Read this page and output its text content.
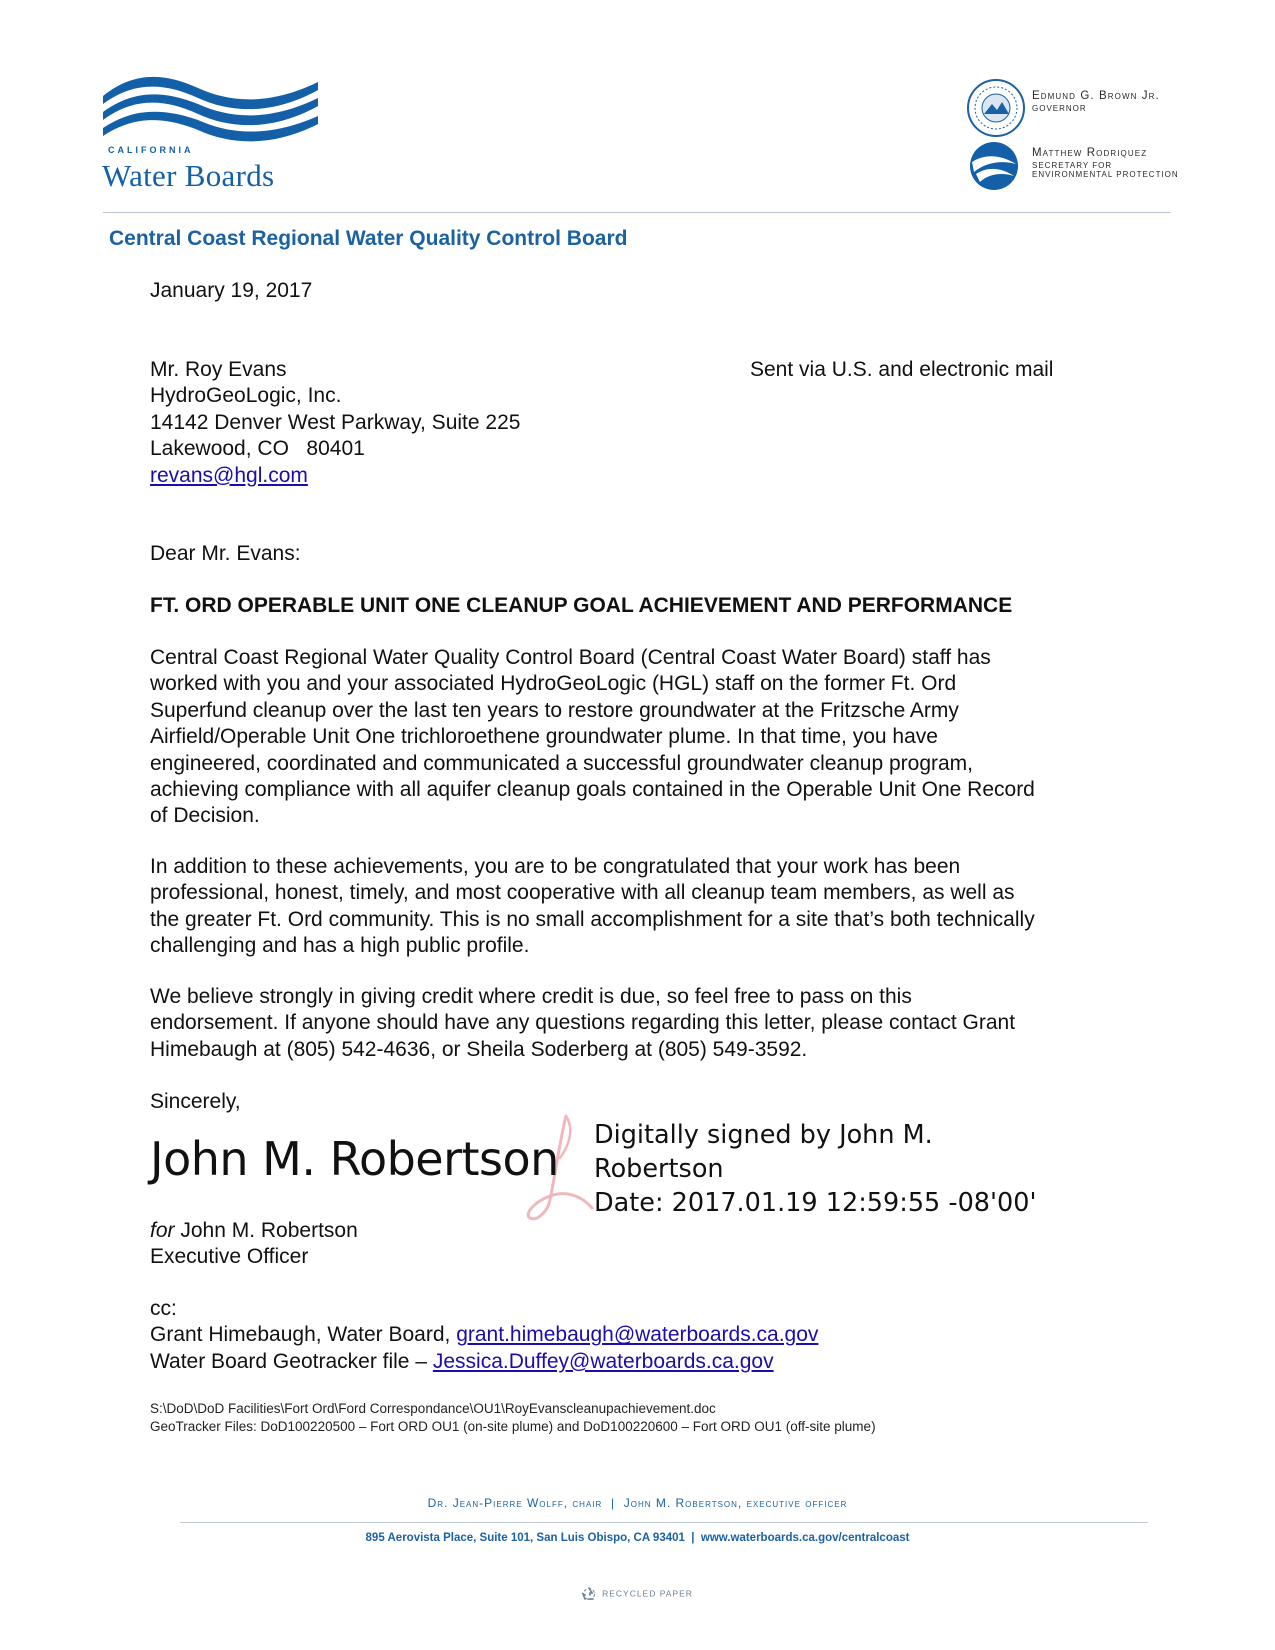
CALIFORNIA
Water Boards
Edmund G. Brown Jr.
GOVERNOR
Matthew Rodriquez
SECRETARY FOR
ENVIRONMENTAL PROTECTION
Central Coast Regional Water Quality Control Board
January 19, 2017
Mr. Roy Evans
HydroGeoLogic, Inc.
14142 Denver West Parkway, Suite 225
Lakewood, CO   80401
revans@hgl.com
Sent via U.S. and electronic mail
Dear Mr. Evans:
FT. ORD OPERABLE UNIT ONE CLEANUP GOAL ACHIEVEMENT AND PERFORMANCE
Central Coast Regional Water Quality Control Board (Central Coast Water Board) staff has
worked with you and your associated HydroGeoLogic (HGL) staff on the former Ft. Ord
Superfund cleanup over the last ten years to restore groundwater at the Fritzsche Army
Airfield/Operable Unit One trichloroethene groundwater plume. In that time, you have
engineered, coordinated and communicated a successful groundwater cleanup program,
achieving compliance with all aquifer cleanup goals contained in the Operable Unit One Record
of Decision.
In addition to these achievements, you are to be congratulated that your work has been
professional, honest, timely, and most cooperative with all cleanup team members, as well as
the greater Ft. Ord community. This is no small accomplishment for a site that’s both technically
challenging and has a high public profile.
We believe strongly in giving credit where credit is due, so feel free to pass on this
endorsement. If anyone should have any questions regarding this letter, please contact Grant
Himebaugh at (805) 542-4636, or Sheila Soderberg at (805) 549-3592.
Sincerely,
John M. Robertson Digitally signed by John M.
Robertson
Date: 2017.01.19 12:59:55 -08'00'
for John M. Robertson
Executive Officer
cc:
Grant Himebaugh, Water Board, grant.himebaugh@waterboards.ca.gov
Water Board Geotracker file – Jessica.Duffey@waterboards.ca.gov
S:\DoD\DoD Facilities\Fort Ord\Ford Correspondance\OU1\RoyEvanscleanupachievement.doc
GeoTracker Files: DoD100220500 – Fort ORD OU1 (on-site plume) and DoD100220600 – Fort ORD OU1 (off-site plume)
Dr. Jean-Pierre Wolff, chair  |  John M. Robertson, executive officer
895 Aerovista Place, Suite 101, San Luis Obispo, CA 93401  |  www.waterboards.ca.gov/centralcoast
RECYCLED PAPER
